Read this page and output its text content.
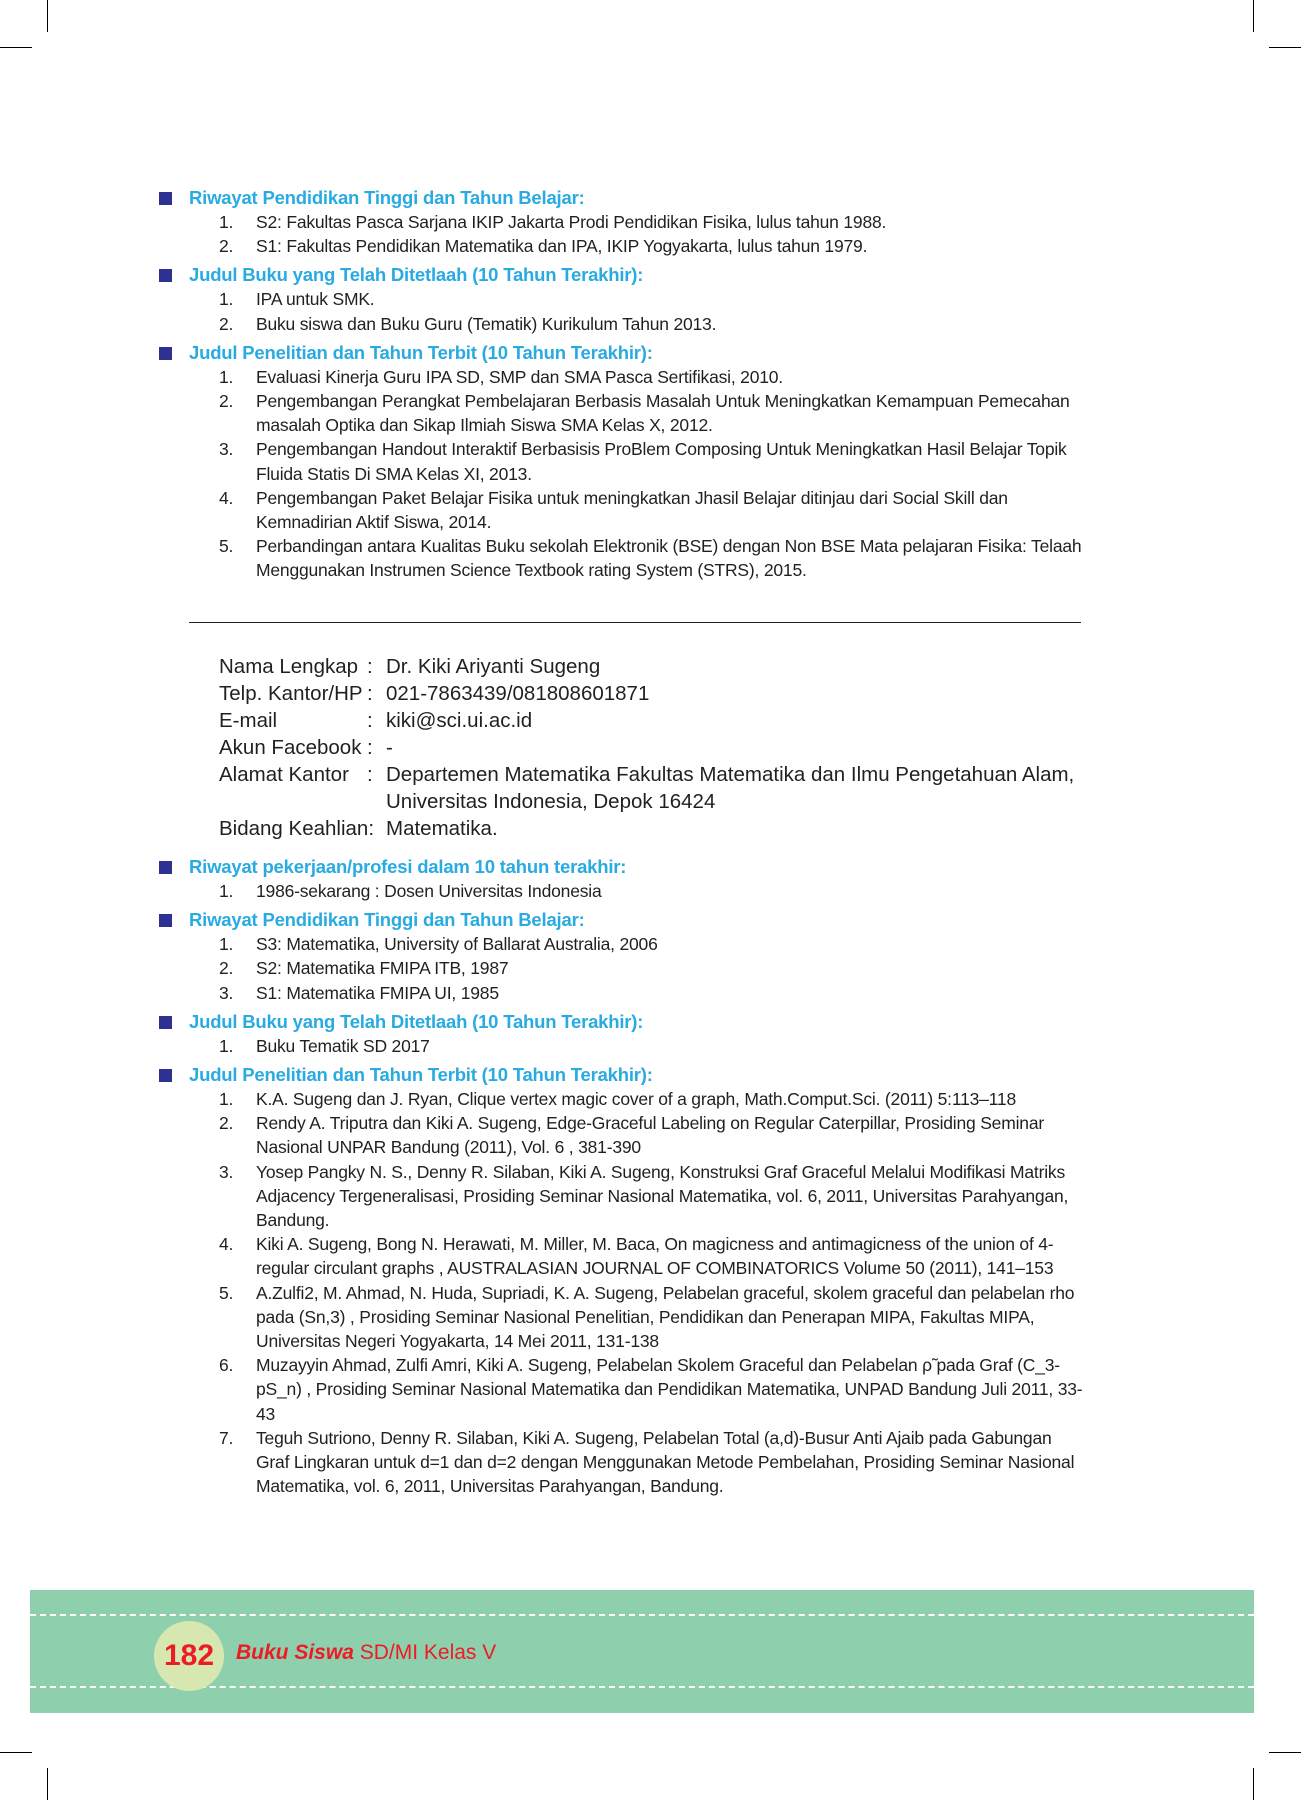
Riwayat Pendidikan Tinggi dan Tahun Belajar:
1. S2: Fakultas Pasca Sarjana IKIP Jakarta Prodi Pendidikan Fisika, lulus tahun 1988.
2. S1: Fakultas Pendidikan Matematika dan IPA, IKIP Yogyakarta, lulus tahun 1979.
Judul Buku yang Telah Ditetlaah (10 Tahun Terakhir):
1. IPA untuk SMK.
2. Buku siswa dan Buku Guru (Tematik) Kurikulum Tahun 2013.
Judul Penelitian dan Tahun Terbit (10 Tahun Terakhir):
1. Evaluasi Kinerja Guru IPA SD, SMP dan SMA Pasca Sertifikasi, 2010.
2. Pengembangan Perangkat Pembelajaran Berbasis Masalah Untuk Meningkatkan Kemampuan Pemecahan masalah Optika dan Sikap Ilmiah Siswa SMA Kelas X, 2012.
3. Pengembangan Handout Interaktif Berbasisis ProBlem Composing Untuk Meningkatkan Hasil Belajar Topik Fluida Statis Di SMA Kelas XI, 2013.
4. Pengembangan Paket Belajar Fisika untuk meningkatkan Jhasil Belajar ditinjau dari Social Skill dan Kemnadirian Aktif Siswa, 2014.
5. Perbandingan antara Kualitas Buku sekolah Elektronik (BSE) dengan Non BSE Mata pelajaran Fisika: Telaah Menggunakan Instrumen Science Textbook rating System (STRS), 2015.
Nama Lengkap : Dr. Kiki Ariyanti Sugeng
Telp. Kantor/HP : 021-7863439/081808601871
E-mail	: kiki@sci.ui.ac.id
Akun Facebook : -
Alamat Kantor : Departemen Matematika Fakultas Matematika dan Ilmu Pengetahuan Alam, Universitas Indonesia, Depok 16424
Bidang Keahlian: Matematika.
Riwayat pekerjaan/profesi dalam 10 tahun terakhir:
1. 1986-sekarang : Dosen Universitas Indonesia
Riwayat Pendidikan Tinggi dan Tahun Belajar:
1. S3: Matematika, University of Ballarat Australia, 2006
2. S2: Matematika FMIPA ITB, 1987
3. S1: Matematika FMIPA UI, 1985
Judul Buku yang Telah Ditetlaah (10 Tahun Terakhir):
1. Buku Tematik SD 2017
Judul Penelitian dan Tahun Terbit (10 Tahun Terakhir):
1. K.A. Sugeng dan J. Ryan, Clique vertex magic cover of a graph, Math.Comput.Sci. (2011) 5:113–118
2. Rendy A. Triputra dan Kiki A. Sugeng, Edge-Graceful Labeling on Regular Caterpillar, Prosiding Seminar Nasional UNPAR Bandung (2011), Vol. 6 , 381-390
3. Yosep Pangky N. S., Denny R. Silaban, Kiki A. Sugeng, Konstruksi Graf Graceful Melalui Modifikasi Matriks Adjacency Tergeneralisasi, Prosiding Seminar Nasional Matematika, vol. 6, 2011, Universitas Parahyangan, Bandung.
4. Kiki A. Sugeng, Bong N. Herawati, M. Miller, M. Baca, On magicness and antimagicness of the union of 4-regular circulant graphs , AUSTRALASIAN JOURNAL OF COMBINATORICS Volume 50 (2011), 141–153
5. A.Zulfi2, M. Ahmad, N. Huda, Supriadi, K. A. Sugeng, Pelabelan graceful, skolem graceful dan pelabelan rho pada (Sn,3) , Prosiding Seminar Nasional Penelitian, Pendidikan dan Penerapan MIPA, Fakultas MIPA, Universitas Negeri Yogyakarta, 14 Mei 2011, 131-138
6. Muzayyin Ahmad, Zulfi Amri, Kiki A. Sugeng, Pelabelan Skolem Graceful dan Pelabelan ρ̃ pada Graf (C_3-pS_n) , Prosiding Seminar Nasional Matematika dan Pendidikan Matematika, UNPAD Bandung Juli 2011, 33-43
7. Teguh Sutriono, Denny R. Silaban, Kiki A. Sugeng, Pelabelan Total (a,d)-Busur Anti Ajaib pada Gabungan Graf Lingkaran untuk d=1 dan d=2 dengan Menggunakan Metode Pembelahan, Prosiding Seminar Nasional Matematika, vol. 6, 2011, Universitas Parahyangan, Bandung.
182 Buku Siswa SD/MI Kelas V
